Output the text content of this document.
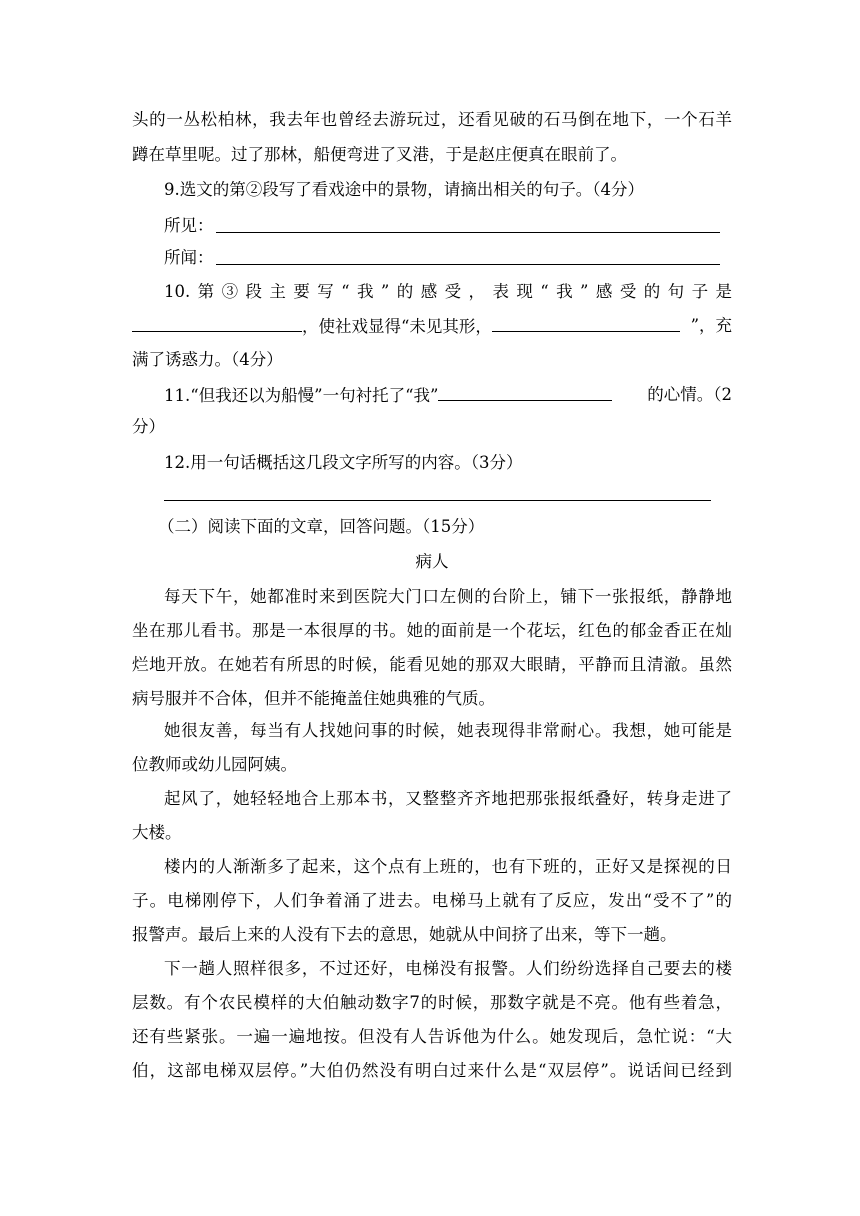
头的一丛松柏林，我去年也曾经去游玩过，还看见破的石马倒在地下，一个石羊
蹲在草里呢。过了那林，船便弯进了叉港，于是赵庄便真在眼前了。
9.选文的第②段写了看戏途中的景物，请摘出相关的句子。（4分）
所见：
所闻：
10.第③段主要写“我”的感受，表现“我”感受的句子是
，使社戏显得“未见其形，	”，充
满了诱惑力。（4分）
11.“但我还以为船慢”一句衬托了“我”	的心情。（2
分）
12.用一句话概括这几段文字所写的内容。（3分）
（二）阅读下面的文章，回答问题。（15分）
病人
每天下午，她都准时来到医院大门口左侧的台阶上，铺下一张报纸，静静地
坐在那儿看书。那是一本很厚的书。她的面前是一个花坛，红色的郁金香正在灿
烂地开放。在她若有所思的时候，能看见她的那双大眼睛，平静而且清澈。虽然
病号服并不合体，但并不能掩盖住她典雅的气质。
她很友善，每当有人找她问事的时候，她表现得非常耐心。我想，她可能是
位教师或幼儿园阿姨。
起风了，她轻轻地合上那本书，又整整齐齐地把那张报纸叠好，转身走进了
大楼。
楼内的人渐渐多了起来，这个点有上班的，也有下班的，正好又是探视的日
子。电梯刚停下，人们争着涌了进去。电梯马上就有了反应，发出“受不了”的
报警声。最后上来的人没有下去的意思，她就从中间挤了出来，等下一趟。
下一趟人照样很多，不过还好，电梯没有报警。人们纷纷选择自己要去的楼
层数。有个农民模样的大伯触动数字7的时候，那数字就是不亮。他有些着急，
还有些紧张。一遍一遍地按。但没有人告诉他为什么。她发现后，急忙说：“大
伯，这部电梯双层停。”大伯仍然没有明白过来什么是“双层停”。说话间已经到
